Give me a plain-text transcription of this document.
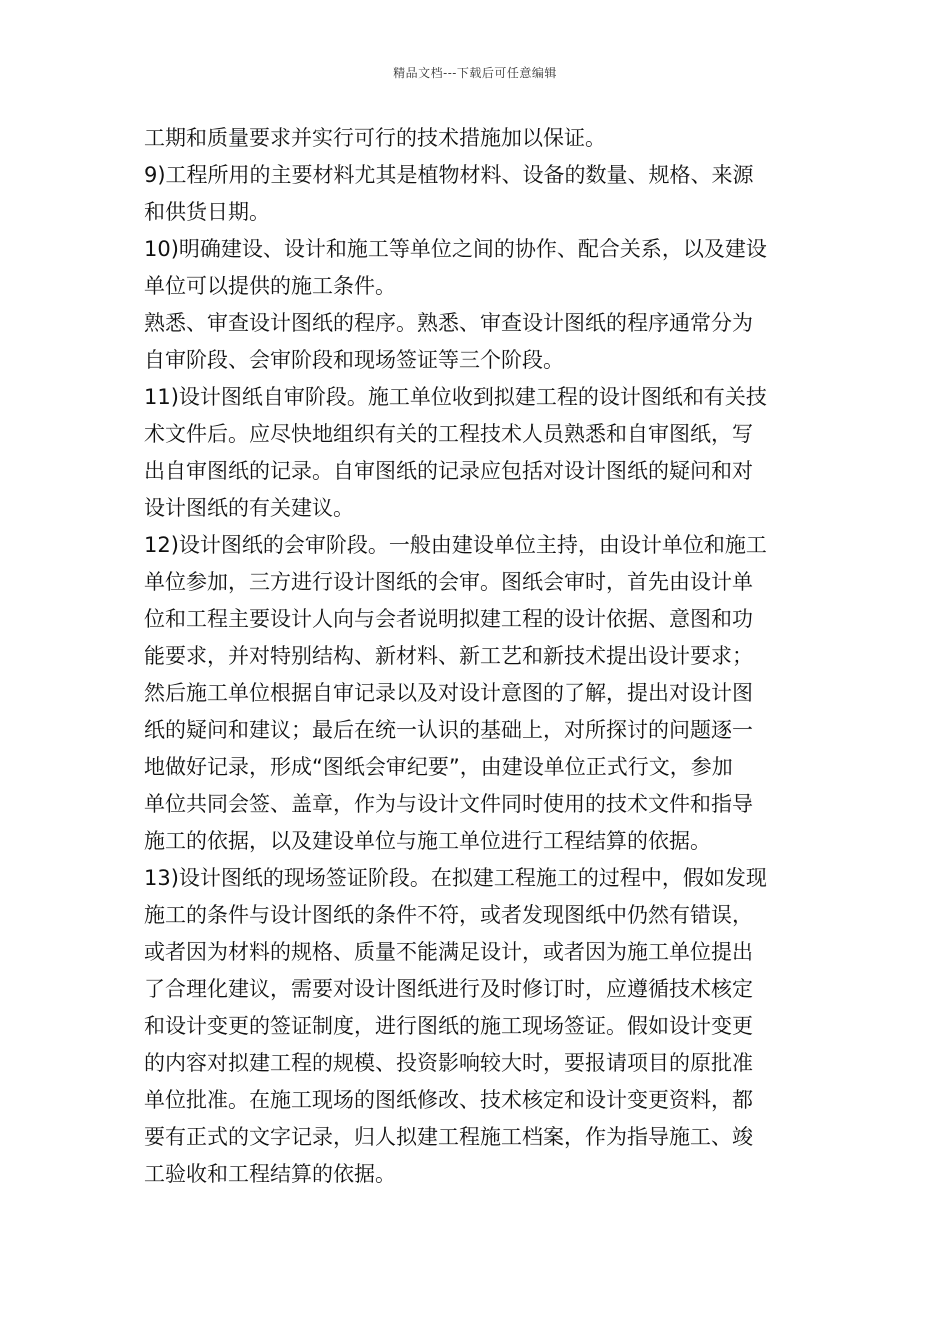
精品文档---下载后可任意编辑
工期和质量要求并实行可行的技术措施加以保证。
9)工程所用的主要材料尤其是植物材料、设备的数量、规格、来源
和供货日期。
10)明确建设、设计和施工等单位之间的协作、配合关系，以及建设
单位可以提供的施工条件。
熟悉、审查设计图纸的程序。熟悉、审查设计图纸的程序通常分为
自审阶段、会审阶段和现场签证等三个阶段。
11)设计图纸自审阶段。施工单位收到拟建工程的设计图纸和有关技
术文件后。应尽快地组织有关的工程技术人员熟悉和自审图纸，写
出自审图纸的记录。自审图纸的记录应包括对设计图纸的疑问和对
设计图纸的有关建议。
12)设计图纸的会审阶段。一般由建设单位主持，由设计单位和施工
单位参加，三方进行设计图纸的会审。图纸会审时，首先由设计单
位和工程主要设计人向与会者说明拟建工程的设计依据、意图和功
能要求，并对特别结构、新材料、新工艺和新技术提出设计要求；
然后施工单位根据自审记录以及对设计意图的了解，提出对设计图
纸的疑问和建议；最后在统一认识的基础上，对所探讨的问题逐一
地做好记录，形成“图纸会审纪要”，由建设单位正式行文，参加
单位共同会签、盖章，作为与设计文件同时使用的技术文件和指导
施工的依据，以及建设单位与施工单位进行工程结算的依据。
13)设计图纸的现场签证阶段。在拟建工程施工的过程中，假如发现
施工的条件与设计图纸的条件不符，或者发现图纸中仍然有错误，
或者因为材料的规格、质量不能满足设计，或者因为施工单位提出
了合理化建议，需要对设计图纸进行及时修订时，应遵循技术核定
和设计变更的签证制度，进行图纸的施工现场签证。假如设计变更
的内容对拟建工程的规模、投资影响较大时，要报请项目的原批准
单位批准。在施工现场的图纸修改、技术核定和设计变更资料，都
要有正式的文字记录，归人拟建工程施工档案，作为指导施工、竣
工验收和工程结算的依据。
